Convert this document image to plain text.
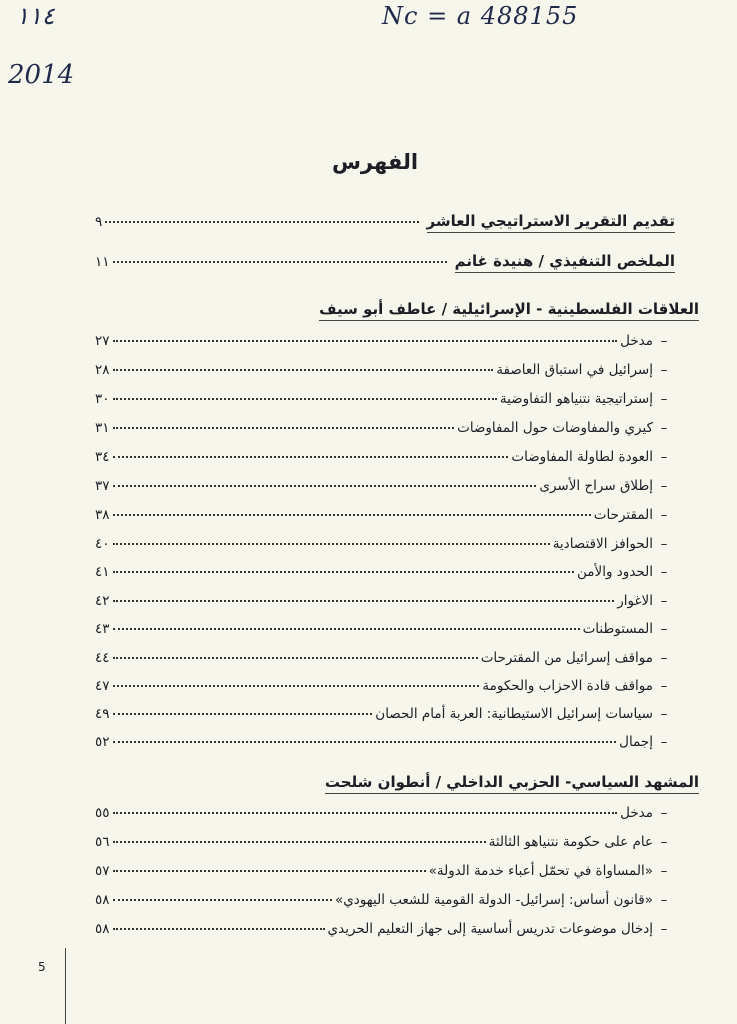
١١٤
2014
Nc = a 488155
الفهرس
تقديم التقرير الاستراتيجي العاشر
٩
الملخص التنفيذي / هنيدة غانم
١١
العلاقات الفلسطينية - الإسرائيلية / عاطف أبو سيف
–
مدخل
٢٧
–
إسرائيل في استباق العاصفة
٢٨
–
إستراتيجية نتنياهو التفاوضية
٣٠
–
كيري والمفاوضات حول المفاوضات
٣١
–
العودة لطاولة المفاوضات
٣٤
–
إطلاق سراح الأسرى
٣٧
–
المقترحات
٣٨
–
الحوافز الاقتصادية
٤٠
–
الحدود والأمن
٤١
–
الاغوار
٤٢
–
المستوطنات
٤٣
–
مواقف إسرائيل من المقترحات
٤٤
–
مواقف قادة الاحزاب والحكومة
٤٧
–
سياسات إسرائيل الاستيطانية: العربة أمام الحصان
٤٩
–
إجمال
٥٢
المشهد السياسي- الحزبي الداخلي / أنطوان شلحت
–
مدخل
٥٥
–
عام على حكومة نتنياهو الثالثة
٥٦
–
«المساواة في تحمّل أعباء خدمة الدولة»
٥٧
–
«قانون أساس: إسرائيل- الدولة القومية للشعب اليهودي»
٥٨
–
إدخال موضوعات تدريس أساسية إلى جهاز التعليم الحريدي
٥٨
5
